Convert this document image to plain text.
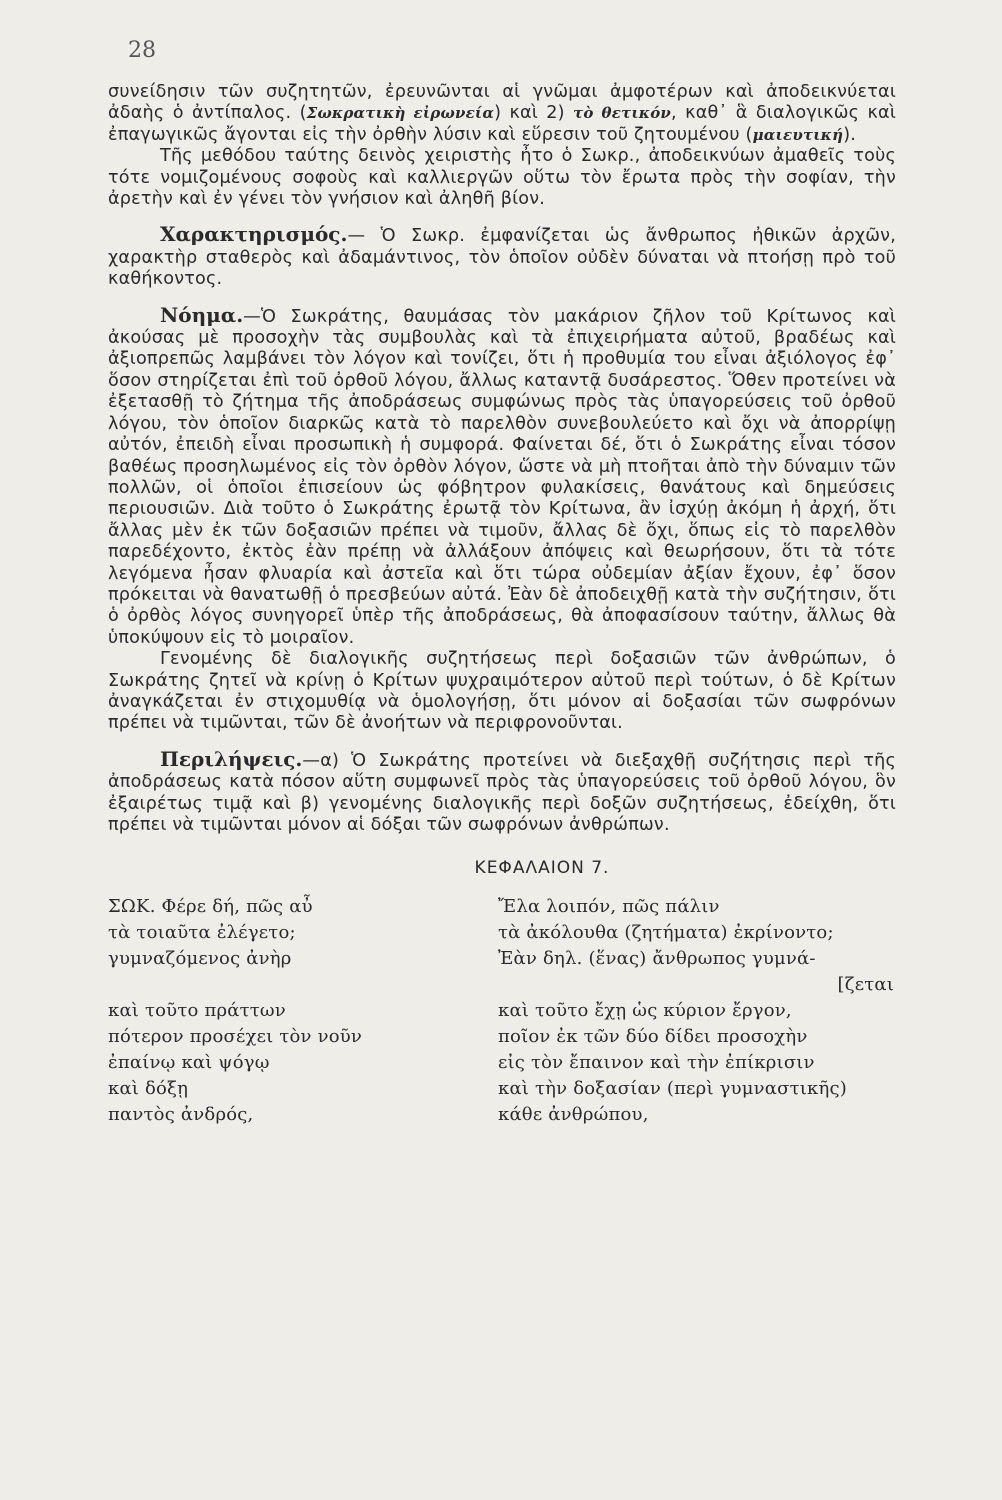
28

συνείδησιν τῶν συζητητῶν, ἐρευνῶνται αἱ γνῶμαι ἀμφοτέρων καὶ ἀποδεικνύεται ἀδαὴς ὁ ἀντίπαλος. (Σωκρατικὴ εἰρωνεία) καὶ 2) τὸ θετικόν, καθ᾽ ἃ διαλογικῶς καὶ ἐπαγωγικῶς ἄγονται εἰς τὴν ὀρθὴν λύσιν καὶ εὕρεσιν τοῦ ζητουμένου (μαιευτική).

Τῆς μεθόδου ταύτης δεινὸς χειριστὴς ἦτο ὁ Σωκρ., ἀποδεικνύων ἀμαθεῖς τοὺς τότε νομιζομένους σοφοὺς καὶ καλλιεργῶν οὕτω τὸν ἔρωτα πρὸς τὴν σοφίαν, τὴν ἀρετὴν καὶ ἐν γένει τὸν γνήσιον καὶ ἀληθῆ βίον.

Χαρακτηρισμός.— Ὁ Σωκρ. ἐμφανίζεται ὡς ἄνθρωπος ἠθικῶν ἀρχῶν, χαρακτὴρ σταθερὸς καὶ ἀδαμάντινος, τὸν ὁποῖον οὐδὲν δύναται νὰ πτοήσῃ πρὸ τοῦ καθήκοντος.

Νόημα.—Ὁ Σωκράτης, θαυμάσας τὸν μακάριον ζῆλον τοῦ Κρίτωνος καὶ ἀκούσας μὲ προσοχὴν τὰς συμβουλὰς καὶ τὰ ἐπιχειρήματα αὐτοῦ, βραδέως καὶ ἀξιοπρεπῶς λαμβάνει τὸν λόγον καὶ τονίζει, ὅτι ἡ προθυμία του εἶναι ἀξιόλογος ἐφ᾽ ὅσον στηρίζεται ἐπὶ τοῦ ὀρθοῦ λόγου, ἄλλως καταντᾷ δυσάρεστος. Ὅθεν προτείνει νὰ ἐξετασθῇ τὸ ζήτημα τῆς ἀποδράσεως συμφώνως πρὸς τὰς ὑπαγορεύσεις τοῦ ὀρθοῦ λόγου, τὸν ὁποῖον διαρκῶς κατὰ τὸ παρελθὸν συνεβουλεύετο καὶ ὄχι νὰ ἀπορρίψῃ αὐτόν, ἐπειδὴ εἶναι προσωπικὴ ἡ συμφορά. Φαίνεται δέ, ὅτι ὁ Σωκράτης εἶναι τόσον βαθέως προσηλωμένος εἰς τὸν ὀρθὸν λόγον, ὥστε νὰ μὴ πτοῆται ἀπὸ τὴν δύναμιν τῶν πολλῶν, οἱ ὁποῖοι ἐπισείουν ὡς φόβητρον φυλακίσεις, θανάτους καὶ δημεύσεις περιουσιῶν. Διὰ τοῦτο ὁ Σωκράτης ἐρωτᾷ τὸν Κρίτωνα, ἂν ἰσχύῃ ἀκόμη ἡ ἀρχή, ὅτι ἄλλας μὲν ἐκ τῶν δοξασιῶν πρέπει νὰ τιμοῦν, ἄλλας δὲ ὄχι, ὅπως εἰς τὸ παρελθὸν παρεδέχοντο, ἐκτὸς ἐὰν πρέπῃ νὰ ἀλλάξουν ἀπόψεις καὶ θεωρήσουν, ὅτι τὰ τότε λεγόμενα ἦσαν φλυαρία καὶ ἀστεῖα καὶ ὅτι τώρα οὐδεμίαν ἀξίαν ἔχουν, ἐφ᾽ ὅσον πρόκειται νὰ θανατωθῇ ὁ πρεσβεύων αὐτά. Ἐὰν δὲ ἀποδειχθῇ κατὰ τὴν συζήτησιν, ὅτι ὁ ὀρθὸς λόγος συνηγορεῖ ὑπὲρ τῆς ἀποδράσεως, θὰ ἀποφασίσουν ταύτην, ἄλλως θὰ ὑποκύψουν εἰς τὸ μοιραῖον.

Γενομένης δὲ διαλογικῆς συζητήσεως περὶ δοξασιῶν τῶν ἀνθρώπων, ὁ Σωκράτης ζητεῖ νὰ κρίνῃ ὁ Κρίτων ψυχραιμότερον αὐτοῦ περὶ τούτων, ὁ δὲ Κρίτων ἀναγκάζεται ἐν στιχομυθίᾳ νὰ ὁμολογήσῃ, ὅτι μόνον αἱ δοξασίαι τῶν σωφρόνων πρέπει νὰ τιμῶνται, τῶν δὲ ἀνοήτων νὰ περιφρονοῦνται.

Περιλήψεις.—α) Ὁ Σωκράτης προτείνει νὰ διεξαχθῇ συζήτησις περὶ τῆς ἀποδράσεως κατὰ πόσον αὕτη συμφωνεῖ πρὸς τὰς ὑπαγορεύσεις τοῦ ὀρθοῦ λόγου, ὃν ἐξαιρέτως τιμᾷ καὶ β) γενομένης διαλογικῆς περὶ δοξῶν συζητήσεως, ἐδείχθη, ὅτι πρέπει νὰ τιμῶνται μόνον αἱ δόξαι τῶν σωφρόνων ἀνθρώπων.

ΚΕΦΑΛΑΙΟΝ 7.
ΣΩΚ. Φέρε δή, πῶς αὖ	Ἔλα λοιπόν, πῶς πάλιν
τὰ τοιαῦτα ἐλέγετο;	τὰ ἀκόλουθα (ζητήματα) ἐκρίνοντο;
γυμναζόμενος ἀνὴρ	Ἐὰν δηλ. (ἕνας) ἄνθρωπος γυμνά-
[ζεται
καὶ τοῦτο πράττων	καὶ τοῦτο ἔχῃ ὡς κύριον ἔργον,
πότερον προσέχει τὸν νοῦν	ποῖον ἐκ τῶν δύο δίδει προσοχὴν
ἐπαίνῳ καὶ ψόγῳ	εἰς τὸν ἔπαινον καὶ τὴν ἐπίκρισιν
καὶ δόξῃ	καὶ τὴν δοξασίαν (περὶ γυμναστικῆς)
παντὸς ἀνδρός,	κάθε ἀνθρώπου,
